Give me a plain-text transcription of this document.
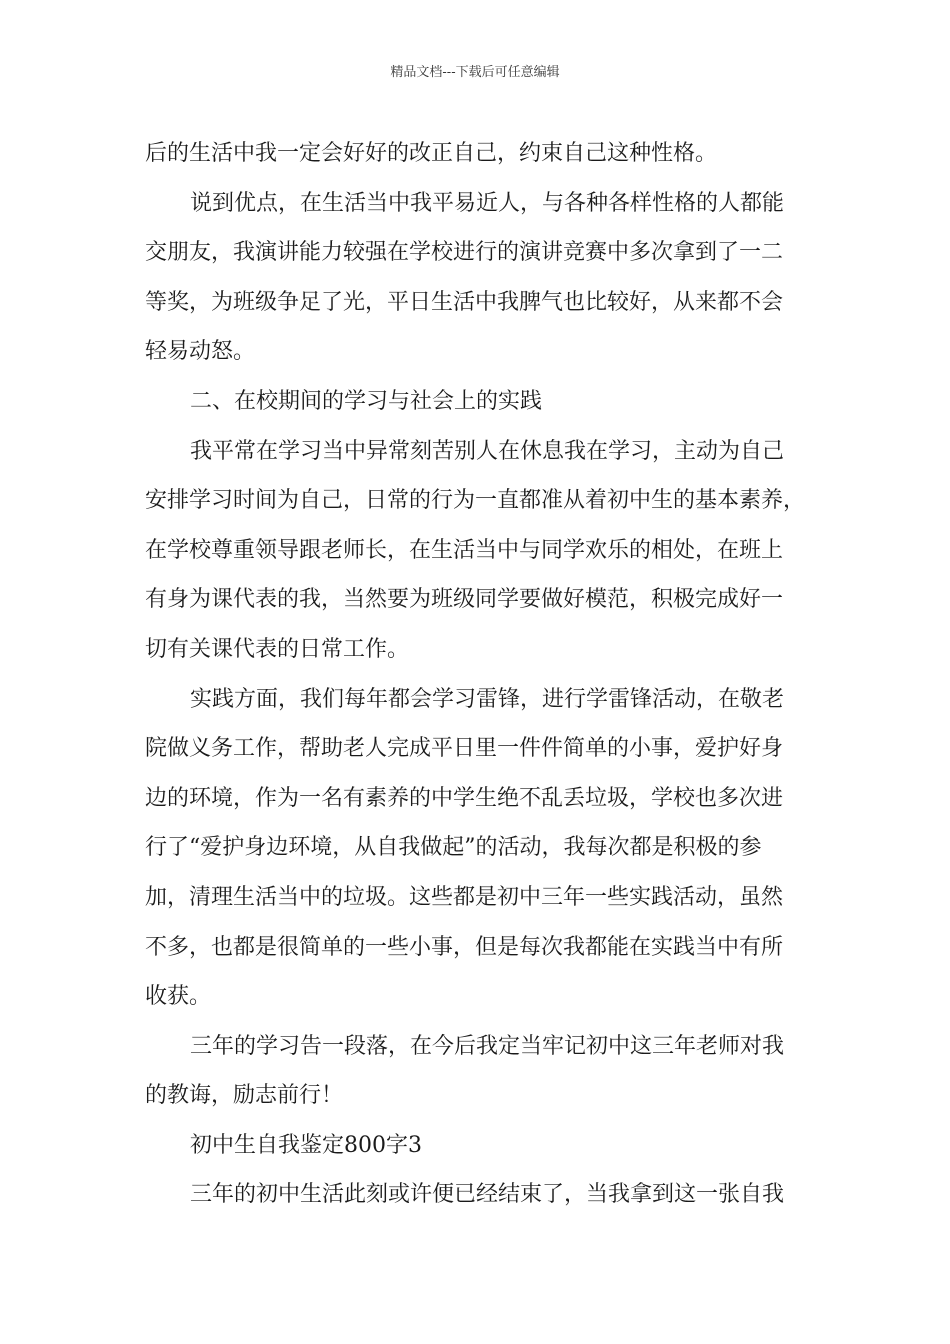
精品文档---下载后可任意编辑
后的生活中我一定会好好的改正自己，约束自己这种性格。
说到优点，在生活当中我平易近人，与各种各样性格的人都能
交朋友，我演讲能力较强在学校进行的演讲竞赛中多次拿到了一二
等奖，为班级争足了光，平日生活中我脾气也比较好，从来都不会
轻易动怒。
二、在校期间的学习与社会上的实践
我平常在学习当中异常刻苦别人在休息我在学习，主动为自己
安排学习时间为自己，日常的行为一直都准从着初中生的基本素养，
在学校尊重领导跟老师长，在生活当中与同学欢乐的相处，在班上
有身为课代表的我，当然要为班级同学要做好模范，积极完成好一
切有关课代表的日常工作。
实践方面，我们每年都会学习雷锋，进行学雷锋活动，在敬老
院做义务工作，帮助老人完成平日里一件件简单的小事，爱护好身
边的环境，作为一名有素养的中学生绝不乱丢垃圾，学校也多次进
行了“爱护身边环境，从自我做起”的活动，我每次都是积极的参
加，清理生活当中的垃圾。这些都是初中三年一些实践活动，虽然
不多，也都是很简单的一些小事，但是每次我都能在实践当中有所
收获。
三年的学习告一段落，在今后我定当牢记初中这三年老师对我
的教诲，励志前行！
初中生自我鉴定800字3
三年的初中生活此刻或许便已经结束了，当我拿到这一张自我
